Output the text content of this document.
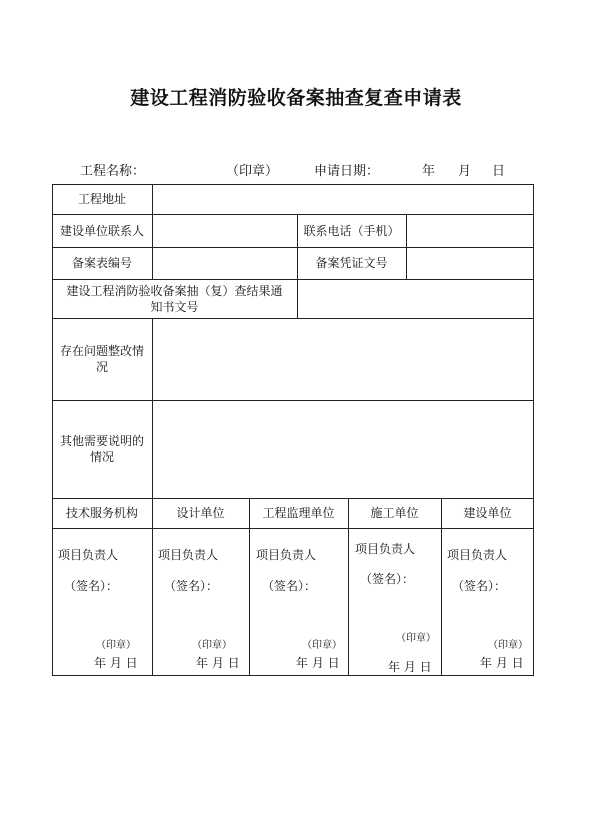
建设工程消防验收备案抽查复查申请表
工程名称：	（印章）	申请日期：	年 月 日
工程地址
建设单位联系人	联系电话（手机）
备案表编号	备案凭证文号
建设工程消防验收备案抽（复）查结果通知书文号
存在问题整改情况
其他需要说明的情况
技术服务机构	设计单位	工程监理单位	施工单位	建设单位
项目负责人
（签名）：
（印章）
年 月 日
项目负责人
（签名）：
（印章）
年 月 日
项目负责人
（签名）：
（印章）
年 月 日
项目负责人
（签名）：
（印章）
年 月 日
项目负责人
（签名）：
（印章）
年 月 日
